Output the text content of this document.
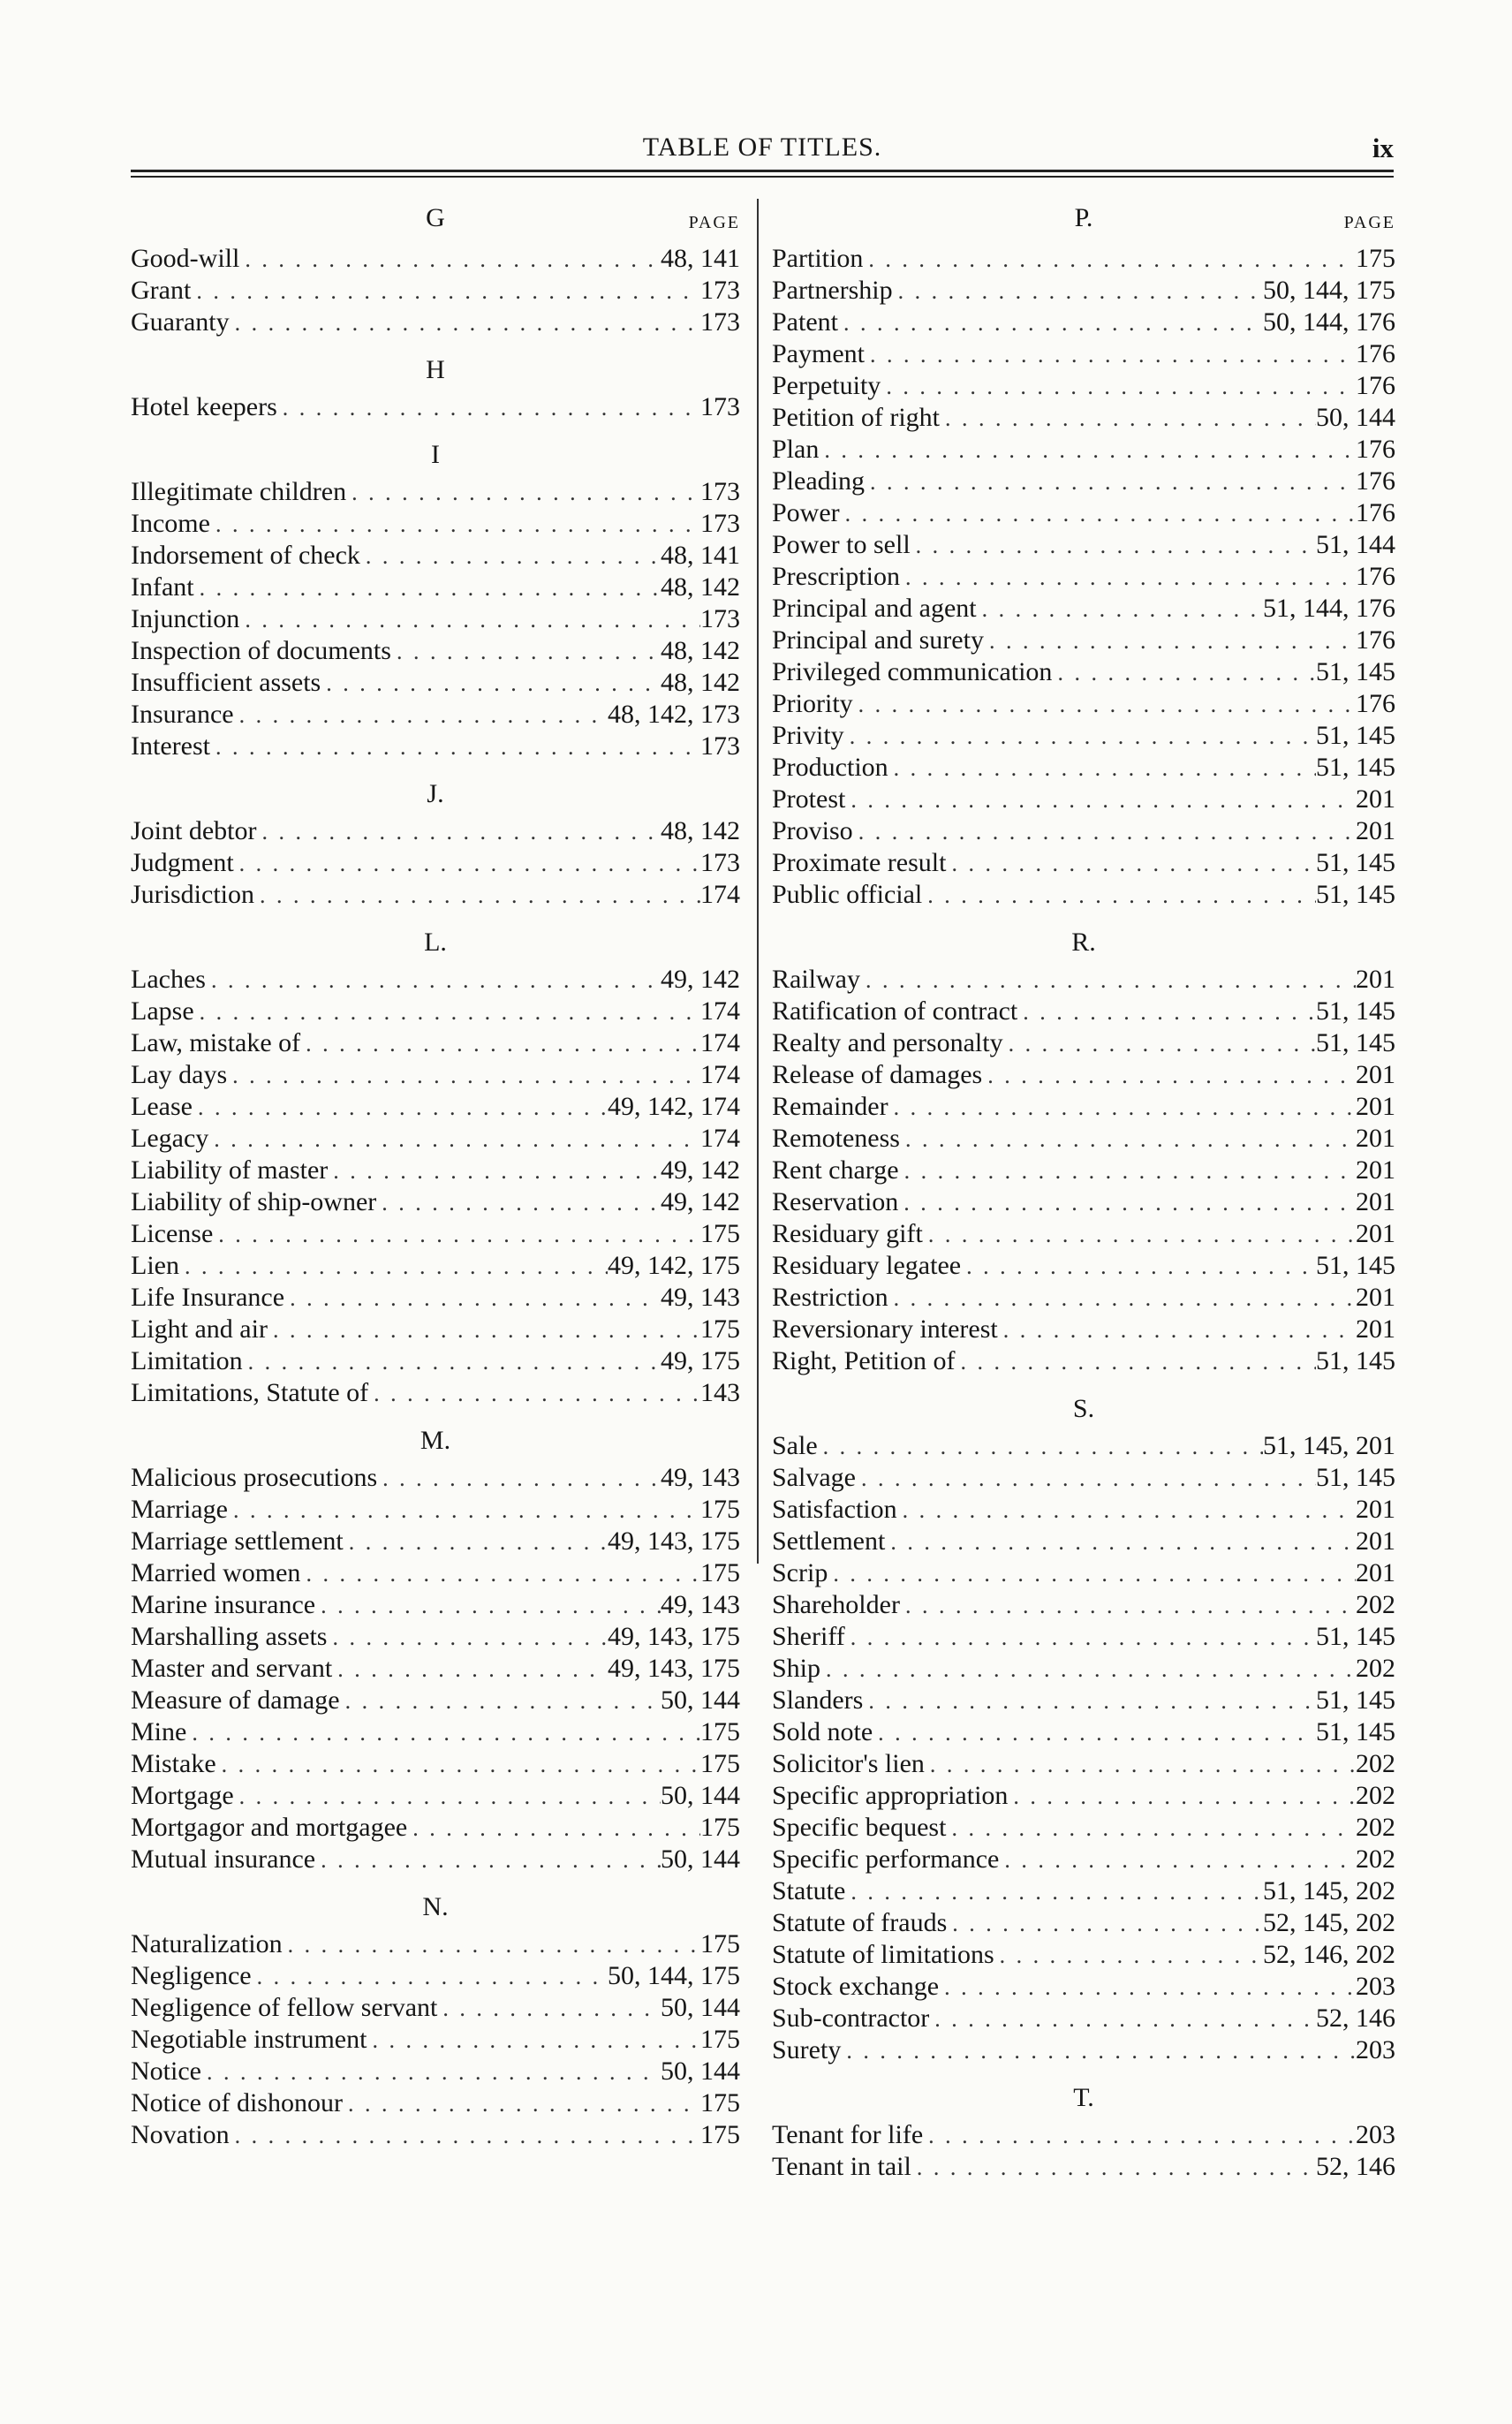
TABLE OF TITLES.	ix
G	PAGE
Good-will . . .	48, 141
Grant . . .	173
Guaranty . . .	173
H
Hotel keepers . . .	173
I
Illegitimate children . . .	173
Income . . .	173
Indorsement of check . . .	48, 141
Infant . . .	48, 142
Injunction . . .	173
Inspection of documents . . .	48, 142
Insufficient assets . . .	48, 142
Insurance . . .	48, 142, 173
Interest . . .	173
J.
Joint debtor . . .	48, 142
Judgment . . .	173
Jurisdiction . . .	174
L.
Laches . . .	49, 142
Lapse . . .	174
Law, mistake of . . .	174
Lay days . . .	174
Lease . . .	49, 142, 174
Legacy . . .	174
Liability of master . . .	49, 142
Liability of ship-owner . . .	49, 142
License . . .	175
Lien . . .	49, 142, 175
Life Insurance . . .	49, 143
Light and air . . .	175
Limitation . . .	49, 175
Limitations, Statute of . . .	143
M.
Malicious prosecutions . . .	49, 143
Marriage . . .	175
Marriage settlement . . .	49, 143, 175
Married women . . .	175
Marine insurance . . .	49, 143
Marshalling assets . . .	49, 143, 175
Master and servant . . .	49, 143, 175
Measure of damage . . .	50, 144
Mine . . .	175
Mistake . . .	175
Mortgage . . .	50, 144
Mortgagor and mortgagee . . .	175
Mutual insurance . . .	50, 144
N.
Naturalization . . .	175
Negligence . . .	50, 144, 175
Negligence of fellow servant . . .	50, 144
Negotiable instrument . . .	175
Notice . . .	50, 144
Notice of dishonour . . .	175
Novation . . .	175
P.	PAGE
Partition . . .	175
Partnership . . .	50, 144, 175
Patent . . .	50, 144, 176
Payment . . .	176
Perpetuity . . .	176
Petition of right . . .	50, 144
Plan . . .	176
Pleading . . .	176
Power . . .	176
Power to sell . . .	51, 144
Prescription . . .	176
Principal and agent . . .	51, 144, 176
Principal and surety . . .	176
Privileged communication . . .	51, 145
Priority . . .	176
Privity . . .	51, 145
Production . . .	51, 145
Protest . . .	201
Proviso . . .	201
Proximate result . . .	51, 145
Public official . . .	51, 145
R.
Railway . . .	201
Ratification of contract . . .	51, 145
Realty and personalty . . .	51, 145
Release of damages . . .	201
Remainder . . .	201
Remoteness . . .	201
Rent charge . . .	201
Reservation . . .	201
Residuary gift . . .	201
Residuary legatee . . .	51, 145
Restriction . . .	201
Reversionary interest . . .	201
Right, Petition of . . .	51, 145
S.
Sale . . .	51, 145, 201
Salvage . . .	51, 145
Satisfaction . . .	201
Settlement . . .	201
Scrip . . .	201
Shareholder . . .	202
Sheriff . . .	51, 145
Ship . . .	202
Slanders . . .	51, 145
Sold note . . .	51, 145
Solicitor's lien . . .	202
Specific appropriation . . .	202
Specific bequest . . .	202
Specific performance . . .	202
Statute . . .	51, 145, 202
Statute of frauds . . .	52, 145, 202
Statute of limitations . . .	52, 146, 202
Stock exchange . . .	203
Sub-contractor . . .	52, 146
Surety . . .	203
T.
Tenant for life . . .	203
Tenant in tail . . .	52, 146
